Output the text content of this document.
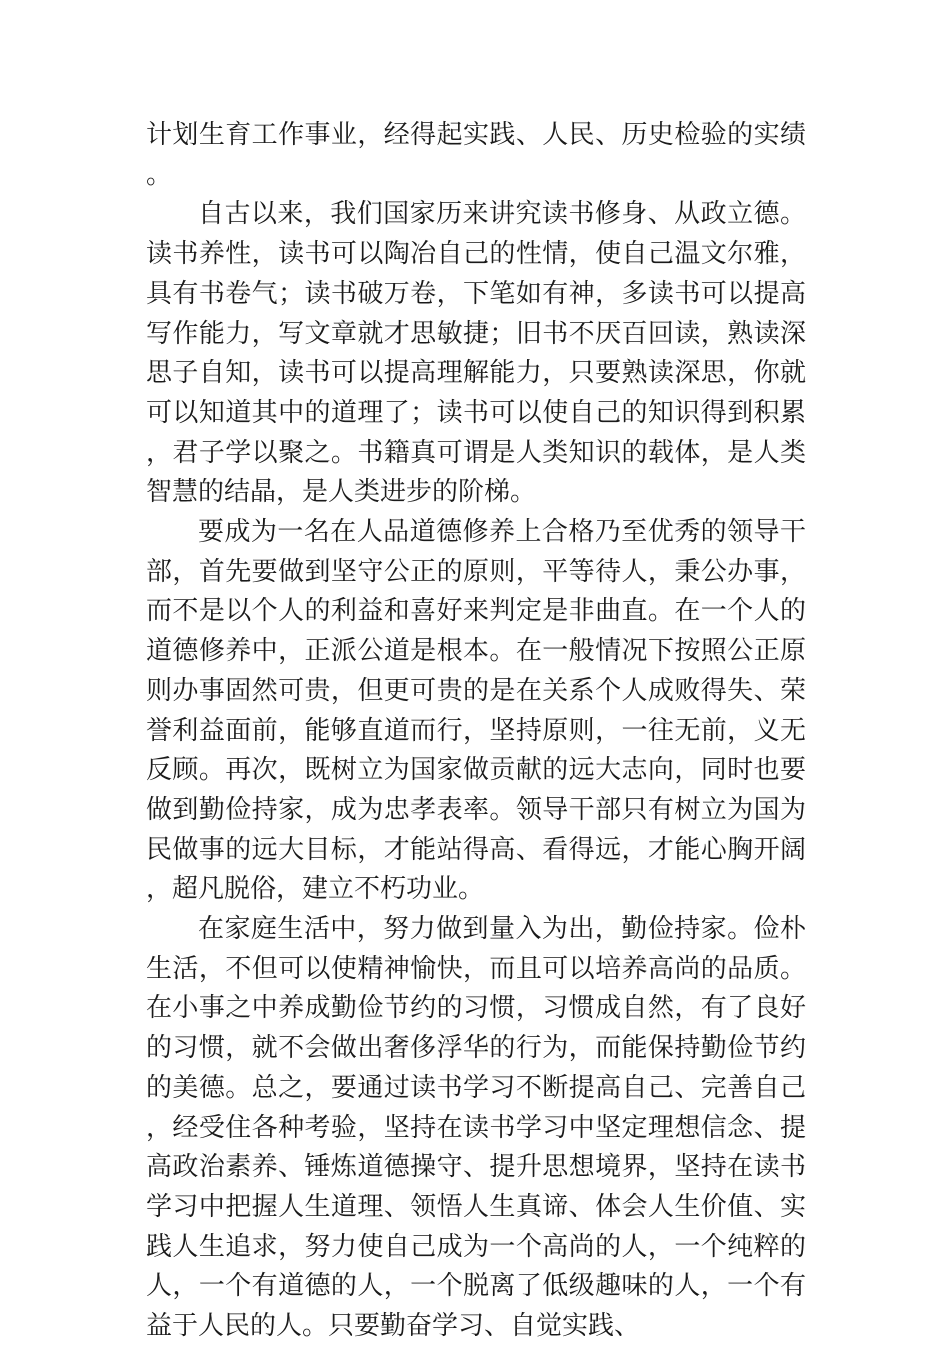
计划生育工作事业，经得起实践、人民、历史检验的实绩。

自古以来，我们国家历来讲究读书修身、从政立德。读书养性，读书可以陶冶自己的性情，使自己温文尔雅，具有书卷气；读书破万卷，下笔如有神，多读书可以提高写作能力，写文章就才思敏捷；旧书不厌百回读，熟读深思子自知，读书可以提高理解能力，只要熟读深思，你就可以知道其中的道理了；读书可以使自己的知识得到积累，君子学以聚之。书籍真可谓是人类知识的载体，是人类智慧的结晶，是人类进步的阶梯。

要成为一名在人品道德修养上合格乃至优秀的领导干部，首先要做到坚守公正的原则，平等待人，秉公办事，而不是以个人的利益和喜好来判定是非曲直。在一个人的道德修养中，正派公道是根本。在一般情况下按照公正原则办事固然可贵，但更可贵的是在关系个人成败得失、荣誉利益面前，能够直道而行，坚持原则，一往无前，义无反顾。再次，既树立为国家做贡献的远大志向，同时也要做到勤俭持家，成为忠孝表率。领导干部只有树立为国为民做事的远大目标，才能站得高、看得远，才能心胸开阔，超凡脱俗，建立不朽功业。

在家庭生活中，努力做到量入为出，勤俭持家。俭朴生活，不但可以使精神愉快，而且可以培养高尚的品质。在小事之中养成勤俭节约的习惯，习惯成自然，有了良好的习惯，就不会做出奢侈浮华的行为，而能保持勤俭节约的美德。总之，要通过读书学习不断提高自己、完善自己，经受住各种考验，坚持在读书学习中坚定理想信念、提高政治素养、锤炼道德操守、提升思想境界，坚持在读书学习中把握人生道理、领悟人生真谛、体会人生价值、实践人生追求，努力使自己成为一个高尚的人，一个纯粹的人，一个有道德的人，一个脱离了低级趣味的人，一个有益于人民的人。只要勤奋学习、自觉实践、
